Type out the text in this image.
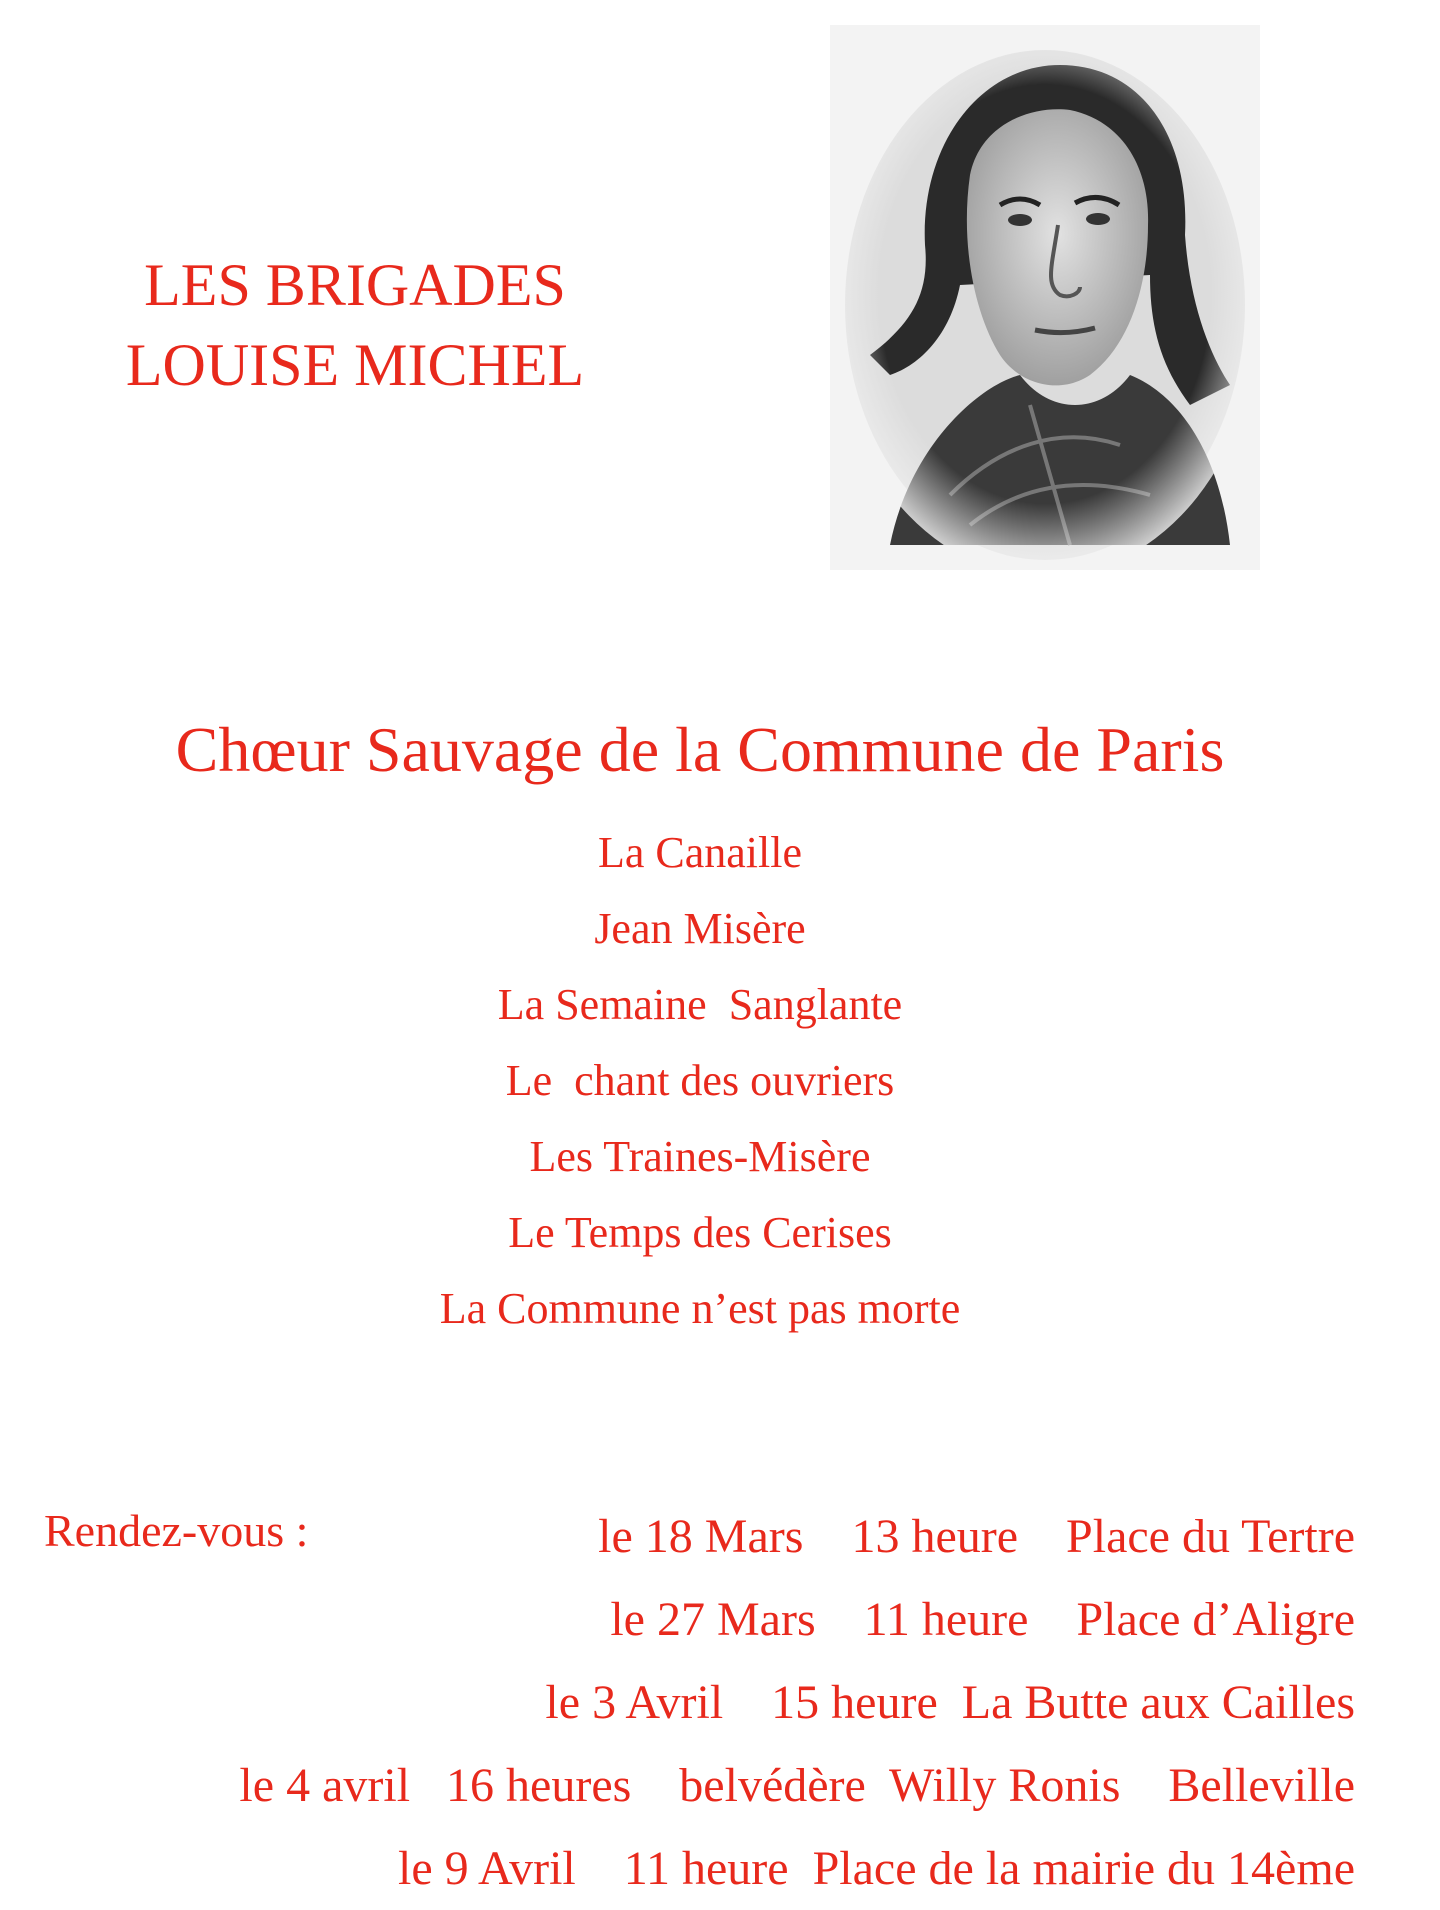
LES BRIGADES
LOUISE MICHEL
Chœur Sauvage de la Commune de Paris
La Canaille
Jean Misère
La Semaine  Sanglante
Le  chant des ouvriers
Les Traines-Misère
Le Temps des Cerises
La Commune n’est pas morte
Rendez-vous :	le 18 Mars    13 heure    Place du Tertre
le 27 Mars    11 heure    Place d’Aligre
le 3 Avril    15 heure  La Butte aux Cailles
le 4 avril   16 heures    belvédère  Willy Ronis    Belleville
le 9 Avril    11 heure  Place de la mairie du 14ème
